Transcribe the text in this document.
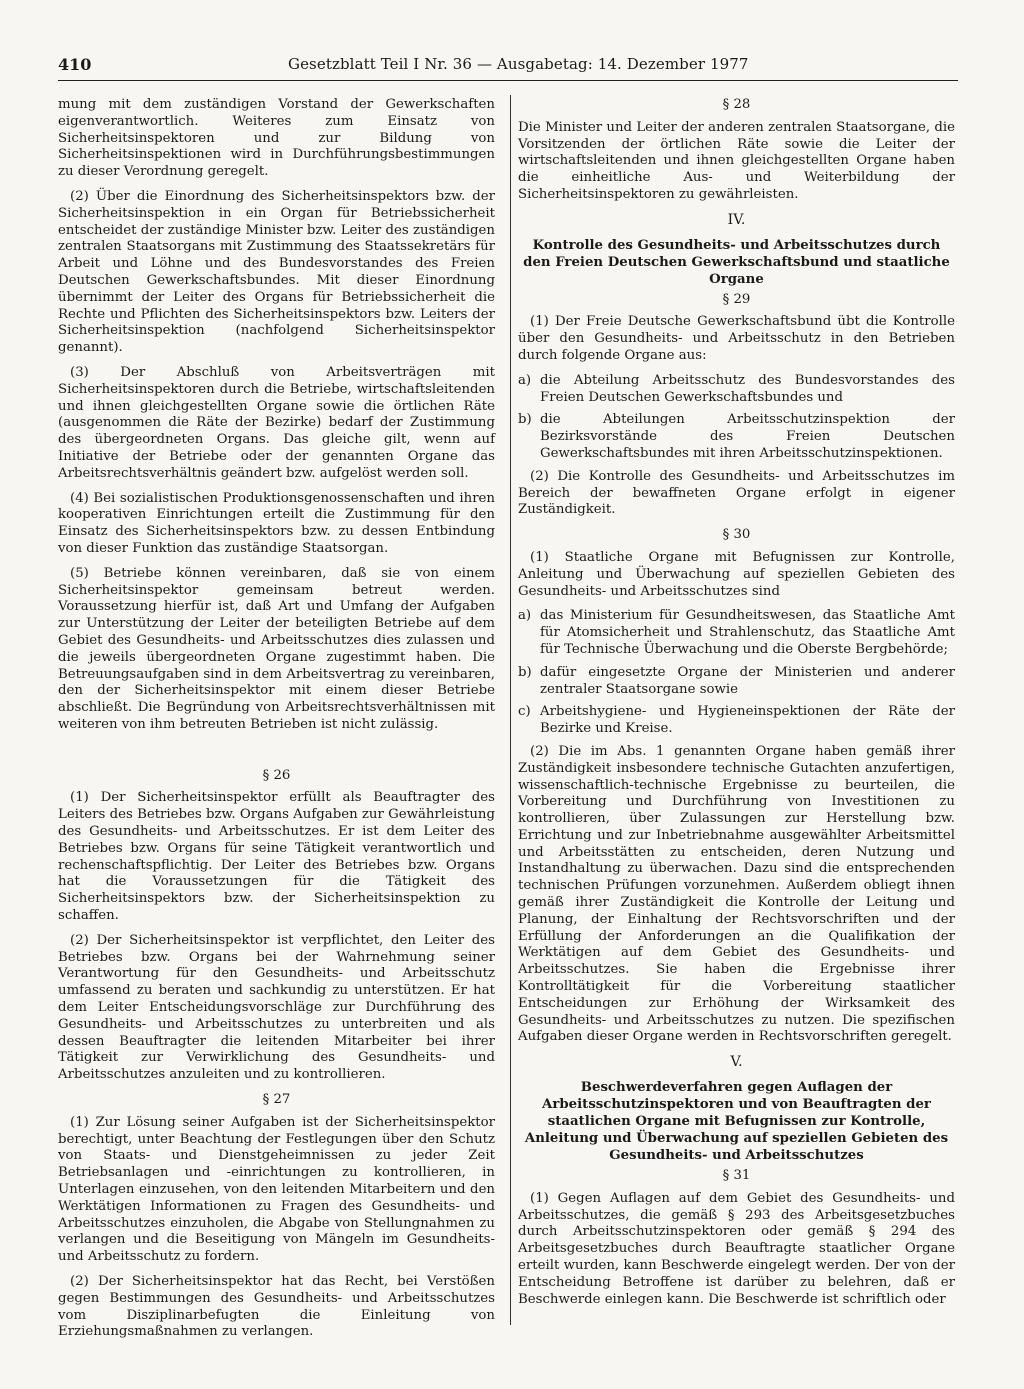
410	Gesetzblatt Teil I Nr. 36 — Ausgabetag: 14. Dezember 1977

mung mit dem zuständigen Vorstand der Gewerkschaften eigenverantwortlich. Weiteres zum Einsatz von Sicherheitsinspektoren und zur Bildung von Sicherheitsinspektionen wird in Durchführungsbestimmungen zu dieser Verordnung geregelt.

(2) Über die Einordnung des Sicherheitsinspektors bzw. der Sicherheitsinspektion in ein Organ für Betriebssicherheit entscheidet der zuständige Minister bzw. Leiter des zuständigen zentralen Staatsorgans mit Zustimmung des Staatssekretärs für Arbeit und Löhne und des Bundesvorstandes des Freien Deutschen Gewerkschaftsbundes. Mit dieser Einordnung übernimmt der Leiter des Organs für Betriebssicherheit die Rechte und Pflichten des Sicherheitsinspektors bzw. Leiters der Sicherheitsinspektion (nachfolgend Sicherheitsinspektor genannt).

(3) Der Abschluß von Arbeitsverträgen mit Sicherheitsinspektoren durch die Betriebe, wirtschaftsleitenden und ihnen gleichgestellten Organe sowie die örtlichen Räte (ausgenommen die Räte der Bezirke) bedarf der Zustimmung des übergeordneten Organs. Das gleiche gilt, wenn auf Initiative der Betriebe oder der genannten Organe das Arbeitsrechtsverhältnis geändert bzw. aufgelöst werden soll.

(4) Bei sozialistischen Produktionsgenossenschaften und ihren kooperativen Einrichtungen erteilt die Zustimmung für den Einsatz des Sicherheitsinspektors bzw. zu dessen Entbindung von dieser Funktion das zuständige Staatsorgan.

(5) Betriebe können vereinbaren, daß sie von einem Sicherheitsinspektor gemeinsam betreut werden. Voraussetzung hierfür ist, daß Art und Umfang der Aufgaben zur Unterstützung der Leiter der beteiligten Betriebe auf dem Gebiet des Gesundheits- und Arbeitsschutzes dies zulassen und die jeweils übergeordneten Organe zugestimmt haben. Die Betreuungsaufgaben sind in dem Arbeitsvertrag zu vereinbaren, den der Sicherheitsinspektor mit einem dieser Betriebe abschließt. Die Begründung von Arbeitsrechtsverhältnissen mit weiteren von ihm betreuten Betrieben ist nicht zulässig.

§ 26

(1) Der Sicherheitsinspektor erfüllt als Beauftragter des Leiters des Betriebes bzw. Organs Aufgaben zur Gewährleistung des Gesundheits- und Arbeitsschutzes. Er ist dem Leiter des Betriebes bzw. Organs für seine Tätigkeit verantwortlich und rechenschaftspflichtig. Der Leiter des Betriebes bzw. Organs hat die Voraussetzungen für die Tätigkeit des Sicherheitsinspektors bzw. der Sicherheitsinspektion zu schaffen.

(2) Der Sicherheitsinspektor ist verpflichtet, den Leiter des Betriebes bzw. Organs bei der Wahrnehmung seiner Verantwortung für den Gesundheits- und Arbeitsschutz umfassend zu beraten und sachkundig zu unterstützen. Er hat dem Leiter Entscheidungsvorschläge zur Durchführung des Gesundheits- und Arbeitsschutzes zu unterbreiten und als dessen Beauftragter die leitenden Mitarbeiter bei ihrer Tätigkeit zur Verwirklichung des Gesundheits- und Arbeitsschutzes anzuleiten und zu kontrollieren.

§ 27

(1) Zur Lösung seiner Aufgaben ist der Sicherheitsinspektor berechtigt, unter Beachtung der Festlegungen über den Schutz von Staats- und Dienstgeheimnissen zu jeder Zeit Betriebsanlagen und -einrichtungen zu kontrollieren, in Unterlagen einzusehen, von den leitenden Mitarbeitern und den Werktätigen Informationen zu Fragen des Gesundheits- und Arbeitsschutzes einzuholen, die Abgabe von Stellungnahmen zu verlangen und die Beseitigung von Mängeln im Gesundheits- und Arbeitsschutz zu fordern.

(2) Der Sicherheitsinspektor hat das Recht, bei Verstößen gegen Bestimmungen des Gesundheits- und Arbeitsschutzes vom Disziplinarbefugten die Einleitung von Erziehungsmaßnahmen zu verlangen.

§ 28

Die Minister und Leiter der anderen zentralen Staatsorgane, die Vorsitzenden der örtlichen Räte sowie die Leiter der wirtschaftsleitenden und ihnen gleichgestellten Organe haben die einheitliche Aus- und Weiterbildung der Sicherheitsinspektoren zu gewährleisten.

IV.
Kontrolle des Gesundheits- und Arbeitsschutzes durch den Freien Deutschen Gewerkschaftsbund und staatliche Organe
§ 29

(1) Der Freie Deutsche Gewerkschaftsbund übt die Kontrolle über den Gesundheits- und Arbeitsschutz in den Betrieben durch folgende Organe aus:

a) die Abteilung Arbeitsschutz des Bundesvorstandes des Freien Deutschen Gewerkschaftsbundes und
b) die Abteilungen Arbeitsschutzinspektion der Bezirksvorstände des Freien Deutschen Gewerkschaftsbundes mit ihren Arbeitsschutzinspektionen.

(2) Die Kontrolle des Gesundheits- und Arbeitsschutzes im Bereich der bewaffneten Organe erfolgt in eigener Zuständigkeit.

§ 30

(1) Staatliche Organe mit Befugnissen zur Kontrolle, Anleitung und Überwachung auf speziellen Gebieten des Gesundheits- und Arbeitsschutzes sind

a) das Ministerium für Gesundheitswesen, das Staatliche Amt für Atomsicherheit und Strahlenschutz, das Staatliche Amt für Technische Überwachung und die Oberste Bergbehörde;
b) dafür eingesetzte Organe der Ministerien und anderer zentraler Staatsorgane sowie
c) Arbeitshygiene- und Hygieneinspektionen der Räte der Bezirke und Kreise.

(2) Die im Abs. 1 genannten Organe haben gemäß ihrer Zuständigkeit insbesondere technische Gutachten anzufertigen, wissenschaftlich-technische Ergebnisse zu beurteilen, die Vorbereitung und Durchführung von Investitionen zu kontrollieren, über Zulassungen zur Herstellung bzw. Errichtung und zur Inbetriebnahme ausgewählter Arbeitsmittel und Arbeitsstätten zu entscheiden, deren Nutzung und Instandhaltung zu überwachen. Dazu sind die entsprechenden technischen Prüfungen vorzunehmen. Außerdem obliegt ihnen gemäß ihrer Zuständigkeit die Kontrolle der Leitung und Planung, der Einhaltung der Rechtsvorschriften und der Erfüllung der Anforderungen an die Qualifikation der Werktätigen auf dem Gebiet des Gesundheits- und Arbeitsschutzes. Sie haben die Ergebnisse ihrer Kontrolltätigkeit für die Vorbereitung staatlicher Entscheidungen zur Erhöhung der Wirksamkeit des Gesundheits- und Arbeitsschutzes zu nutzen. Die spezifischen Aufgaben dieser Organe werden in Rechtsvorschriften geregelt.

V.
Beschwerdeverfahren gegen Auflagen der Arbeitsschutzinspektoren und von Beauftragten der staatlichen Organe mit Befugnissen zur Kontrolle, Anleitung und Überwachung auf speziellen Gebieten des Gesundheits- und Arbeitsschutzes
§ 31

(1) Gegen Auflagen auf dem Gebiet des Gesundheits- und Arbeitsschutzes, die gemäß § 293 des Arbeitsgesetzbuches durch Arbeitsschutzinspektoren oder gemäß § 294 des Arbeitsgesetzbuches durch Beauftragte staatlicher Organe erteilt wurden, kann Beschwerde eingelegt werden. Der von der Entscheidung Betroffene ist darüber zu belehren, daß er Beschwerde einlegen kann. Die Beschwerde ist schriftlich oder
